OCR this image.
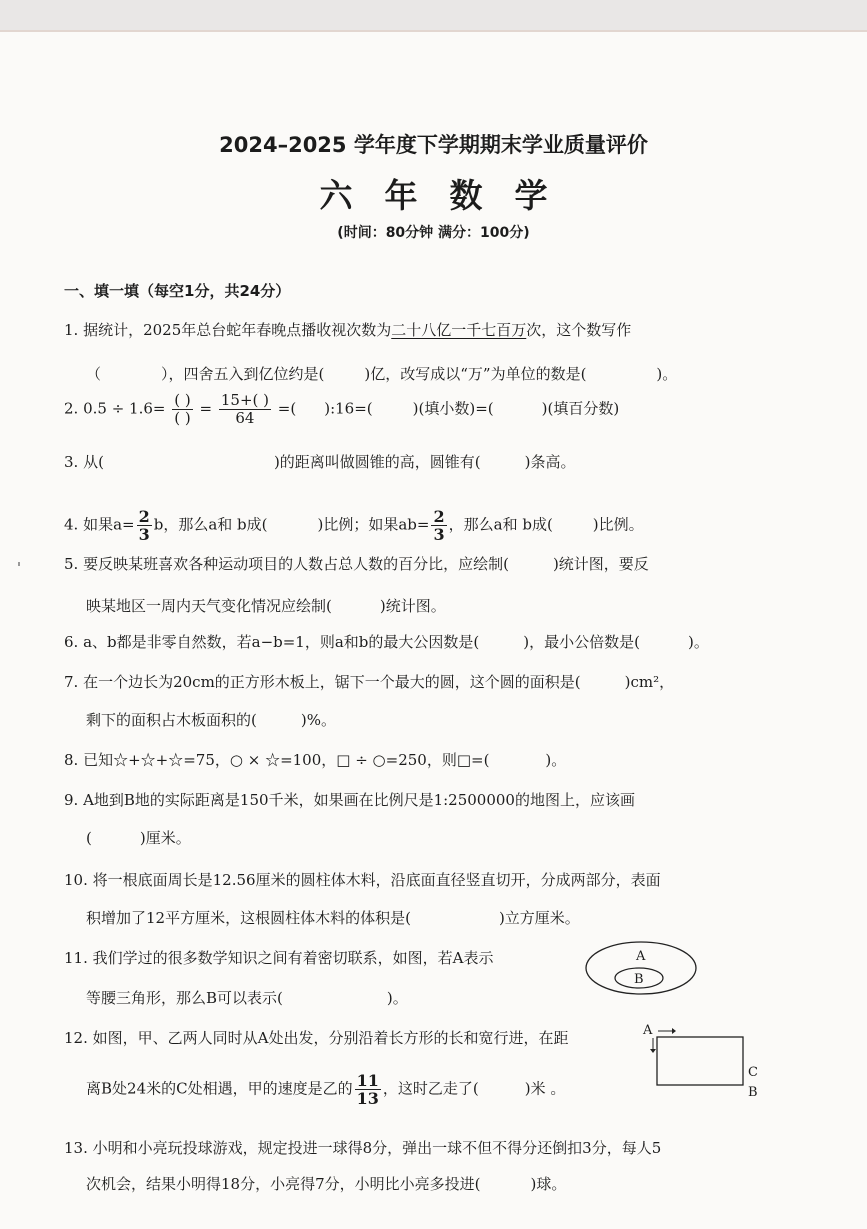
2024–2025 学年度下学期期末学业质量评价
六年数学
(时间：80分钟 满分：100分)
一、填一填（每空1分，共24分）
1. 据统计，2025年总台蛇年春晚点播收视次数为二十八亿一千七百万次，这个数写作
（	），四舍五入到亿位约是(	)亿，改写成以“万”为单位的数是(	)。
2. $0.5 \div 1.6= \frac{( )}{( )} = \frac{15+( )}{64}$ =( ):16=(	)(填小数)=(	)(填百分数)
3. 从(	)的距离叫做圆锥的高，圆锥有(	)条高。
4. 如果$a= \frac{2}{3}$ b，那么a和 b成(	)比例；如果$ab= \frac{2}{3}$ ，那么a和 b成(	)比例。
5. 要反映某班喜欢各种运动项目的人数占总人数的百分比，应绘制(	)统计图，要反
映某地区一周内天气变化情况应绘制(	)统计图。
6. a、b都是非零自然数，若a−b=1，则a和b的最大公因数是(	)，最小公倍数是(	)。
7. 在一个边长为20cm的正方形木板上，锯下一个最大的圆，这个圆的面积是(	)cm²，
剩下的面积占木板面积的(	)%。
8. 已知☆+☆+☆=75，○ × ☆=100，□ ÷ ○=250，则□=(	)。
9. A地到B地的实际距离是150千米，如果画在比例尺是1:2500000的地图上，应该画
(	)厘米。
10. 将一根底面周长是12.56厘米的圆柱体木料，沿底面直径竖直切开，分成两部分，表面
积增加了12平方厘米，这根圆柱体木料的体积是(	)立方厘米。
11. 我们学过的很多数学知识之间有着密切联系，如图，若A表示
等腰三角形，那么B可以表示(	)。
A
B
12. 如图，甲、乙两人同时从A处出发，分别沿着长方形的长和宽行进，在距
离B处24米的C处相遇，甲的速度是乙的 $\frac{11}{13}$ ，这时乙走了(	)米 。
A
C
B
13. 小明和小亮玩投球游戏，规定投进一球得8分，弹出一球不但不得分还倒扣3分，每人5
次机会，结果小明得18分，小亮得7分，小明比小亮多投进(	)球。
